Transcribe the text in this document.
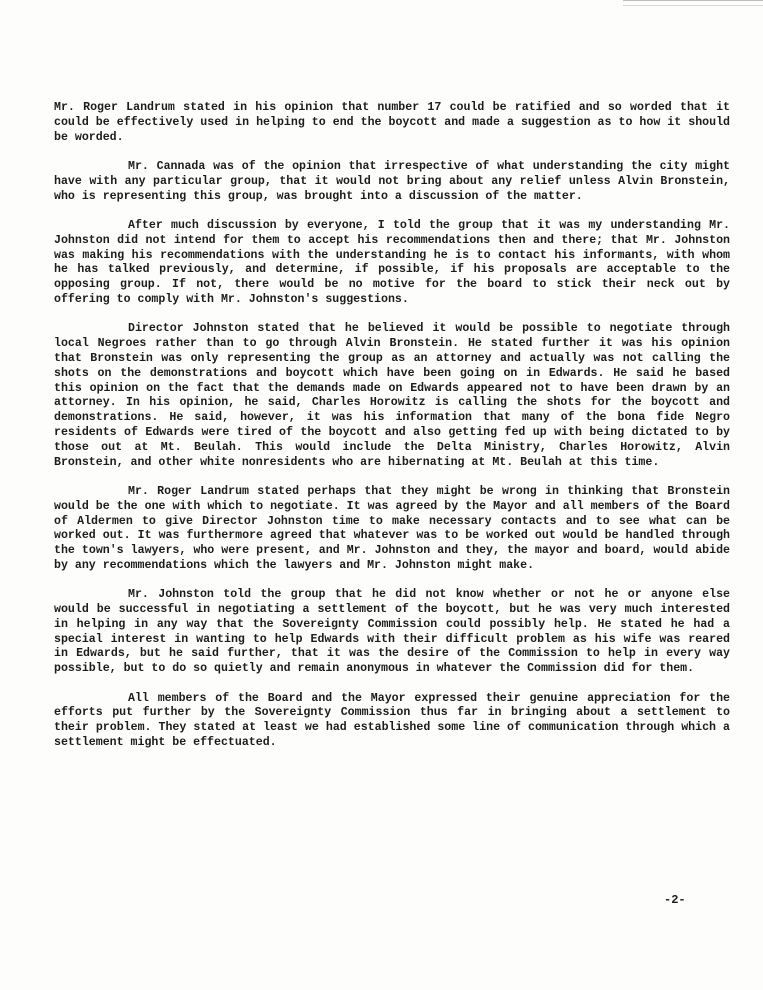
Mr. Roger Landrum stated in his opinion that number 17 could be ratified and so worded that it could be effectively used in helping to end the boycott and made a suggestion as to how it should be worded.

Mr. Cannada was of the opinion that irrespective of what understanding the city might have with any particular group, that it would not bring about any relief unless Alvin Bronstein, who is representing this group, was brought into a discussion of the matter.

After much discussion by everyone, I told the group that it was my understanding Mr. Johnston did not intend for them to accept his recommendations then and there; that Mr. Johnston was making his recommendations with the understanding he is to contact his informants, with whom he has talked previously, and determine, if possible, if his proposals are acceptable to the opposing group. If not, there would be no motive for the board to stick their neck out by offering to comply with Mr. Johnston's suggestions.

Director Johnston stated that he believed it would be possible to negotiate through local Negroes rather than to go through Alvin Bronstein. He stated further it was his opinion that Bronstein was only representing the group as an attorney and actually was not calling the shots on the demonstrations and boycott which have been going on in Edwards. He said he based this opinion on the fact that the demands made on Edwards appeared not to have been drawn by an attorney. In his opinion, he said, Charles Horowitz is calling the shots for the boycott and demonstrations. He said, however, it was his information that many of the bona fide Negro residents of Edwards were tired of the boycott and also getting fed up with being dictated to by those out at Mt. Beulah. This would include the Delta Ministry, Charles Horowitz, Alvin Bronstein, and other white nonresidents who are hibernating at Mt. Beulah at this time.

Mr. Roger Landrum stated perhaps that they might be wrong in thinking that Bronstein would be the one with which to negotiate. It was agreed by the Mayor and all members of the Board of Aldermen to give Director Johnston time to make necessary contacts and to see what can be worked out. It was furthermore agreed that whatever was to be worked out would be handled through the town's lawyers, who were present, and Mr. Johnston and they, the mayor and board, would abide by any recommendations which the lawyers and Mr. Johnston might make.

Mr. Johnston told the group that he did not know whether or not he or anyone else would be successful in negotiating a settlement of the boycott, but he was very much interested in helping in any way that the Sovereignty Commission could possibly help. He stated he had a special interest in wanting to help Edwards with their difficult problem as his wife was reared in Edwards, but he said further, that it was the desire of the Commission to help in every way possible, but to do so quietly and remain anonymous in whatever the Commission did for them.

All members of the Board and the Mayor expressed their genuine appreciation for the efforts put further by the Sovereignty Commission thus far in bringing about a settlement to their problem. They stated at least we had established some line of communication through which a settlement might be effectuated.

-2-
